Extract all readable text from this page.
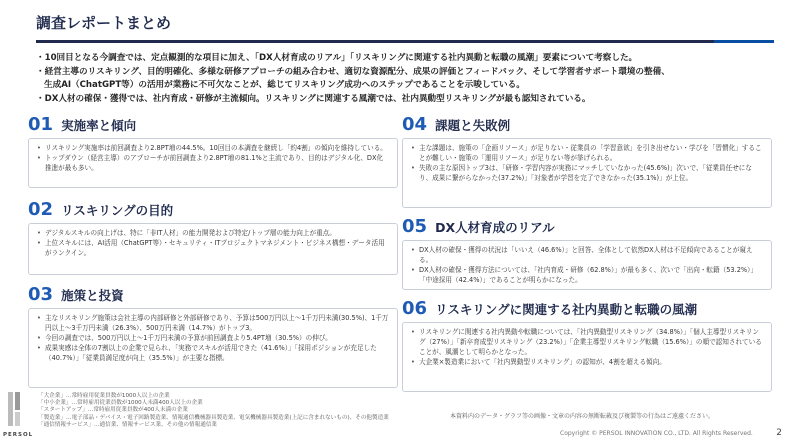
PERSOL
調査レポートまとめ
・10回目となる今調査では、定点観測的な項目に加え、「DX人材育成のリアル」「リスキリングに関連する社内異動と転職の風潮」要素について考察した。
・経営主導のリスキリング、目的明確化、多様な研修アプローチの組み合わせ、適切な資源配分、成果の評価とフィードバック、そして学習者サポート環境の整備、
生成AI（ChatGPT等）の活用が業務に不可欠なことが、総じてリスキリング成功へのステップであることを示唆している。
・DX人材の確保・獲得では、社内育成・研修が主流傾向。リスキリングに関連する風潮では、社内異動型リスキリングが最も認知されている。
01 実施率と傾向
• リスキリング実施率は前回調査より2.8PT増の44.5%。10回目の本調査を継続し「約4割」の傾向を維持している。
• トップダウン（経営主導）のアプローチが前回調査より2.8PT増の81.1%と主流であり、目的はデジタル化、DX化推進が最も多い。
02 リスキリングの目的
• デジタルスキルの向上げは、特に「非IT人材」の能力開発および特定/トップ層の能力向上が重点。
• 上位スキルには、AI活用（ChatGPT等）・セキュリティ・ITプロジェクトマネジメント・ビジネス構想・データ活用がランクイン。
03 施策と投資
• 主なリスキリング施策は会社主導の内部研修と外部研修であり、予算は500万円以上〜1千万円未満(30.5%)、1千万円以上〜3千万円未満（26.3%）、500万円未満（14.7%）がトップ3。
• 今回の調査では、500万円以上〜1千万円未満の予算が前回調査より5.4PT増（30.5%）の伸び。
• 成果実感は全体の7割以上の企業で見られ、「実務でスキルが活用できた（41.6%）」「採用ポジションが充足した（40.7%）」「従業員満足度が向上（35.5%）」が主要な指標。
04 課題と失敗例
• 主な課題は、施策の「企画リソース」が足りない・従業員の「学習意欲」を引き出せない・学びを「習慣化」することが難しい・施策の「運用リソース」が足りない等が挙げられる。
• 失敗の主な原因トップ3は、「研修・学習内容が実務にマッチしていなかった(45.6%)」次いで、「従業員任せになり、成果に繋がらなかった(37.2%)」「対象者が学習を完了できなかった(35.1%)」が上位。
05 DX人材育成のリアル
• DX人材の確保・獲得の状況は「いいえ（46.6%）」と回答、全体として依然DX人材は不足傾向であることが窺える。
• DX人材の確保・獲得方法については、「社内育成・研修（62.8%）」が最も多く、次いで「出向・転籍（53.2%）」「中途採用（42.4%）」であることが明らかになった。
06 リスキリングに関連する社内異動と転職の風潮
• リスキリングに関連する社内異動や転職については、「社内異動型リスキリング（34.8%）」「個人主導型リスキリング（27%）」「新卒育成型リスキリング（23.2%）」「企業主導型リスキリング転職（15.6%）」の順で認知されていることが、風潮として明らかとなった。
• 大企業×製造業において「社内異動型リスキリング」の認知が、4割を超える傾向。
「大企業」…常時雇用従業員数が1000人以上の企業
「中小企業」…常時雇用従業員数が1000人未満400人以上の企業
「スタートアップ」…常時雇用従業員数が400人未満の企業
「製造業」…電子部品・デバイス・電子回路製造業、情報通信機械器具製造業、電気機械器具製造業(上記に含まれないもの)、その他製造業
「通信情報サービス」…通信業、情報サービス業、その他の情報通信業
本資料内のデータ・グラフ等の画像・文章の内容の無断転載及び複製等の行為はご遠慮ください。
Copyright © PERSOL INNOVATION CO., LTD. All Rights Reserved.	2
